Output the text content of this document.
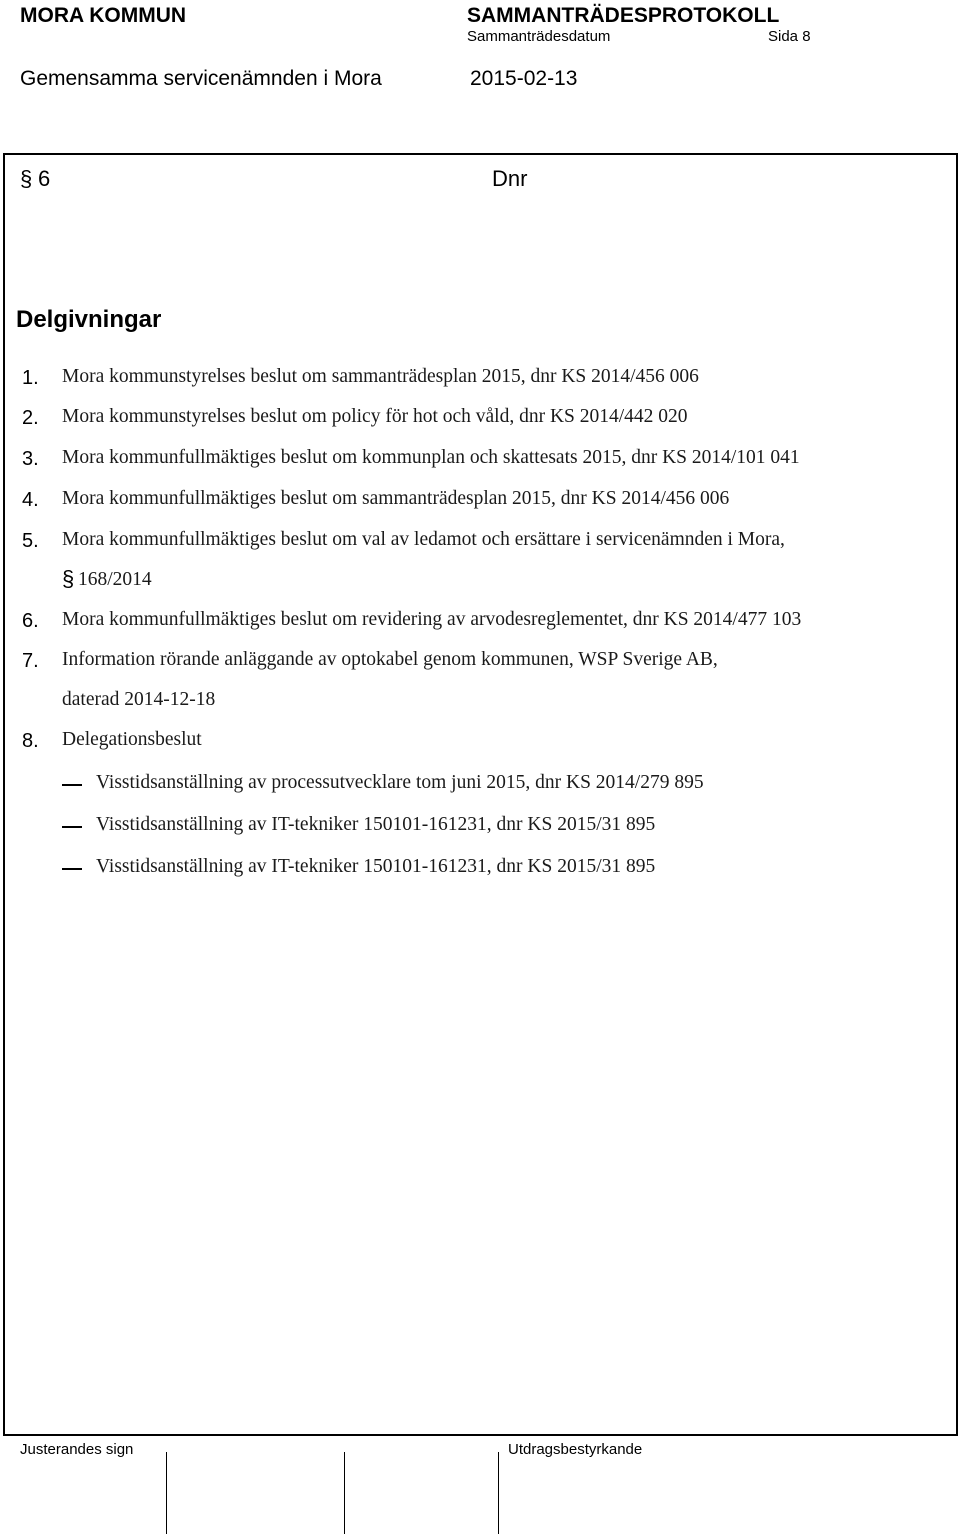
MORA KOMMUN	SAMMANTRÄDESPROTOKOLL
Sammanträdesdatum	Sida 8
Gemensamma servicenämnden i Mora	2015-02-13
§ 6	Dnr
Delgivningar
1. Mora kommunstyrelses beslut om sammanträdesplan 2015, dnr KS 2014/456 006
2. Mora kommunstyrelses beslut om policy för hot och våld, dnr KS 2014/442 020
3. Mora kommunfullmäktiges beslut om kommunplan och skattesats 2015, dnr KS 2014/101 041
4. Mora kommunfullmäktiges beslut om sammanträdesplan 2015, dnr KS 2014/456 006
5. Mora kommunfullmäktiges beslut om val av ledamot och ersättare i servicenämnden i Mora,
§ 168/2014
6. Mora kommunfullmäktiges beslut om revidering av arvodesreglementet, dnr KS 2014/477 103
7. Information rörande anläggande av optokabel genom kommunen, WSP Sverige AB,
daterad 2014-12-18
8. Delegationsbeslut
Visstidsanställning av processutvecklare tom juni 2015, dnr KS 2014/279 895
Visstidsanställning av IT-tekniker 150101-161231, dnr KS 2015/31 895
Visstidsanställning av IT-tekniker 150101-161231, dnr KS 2015/31 895
Justerandes sign	Utdragsbestyrkande
